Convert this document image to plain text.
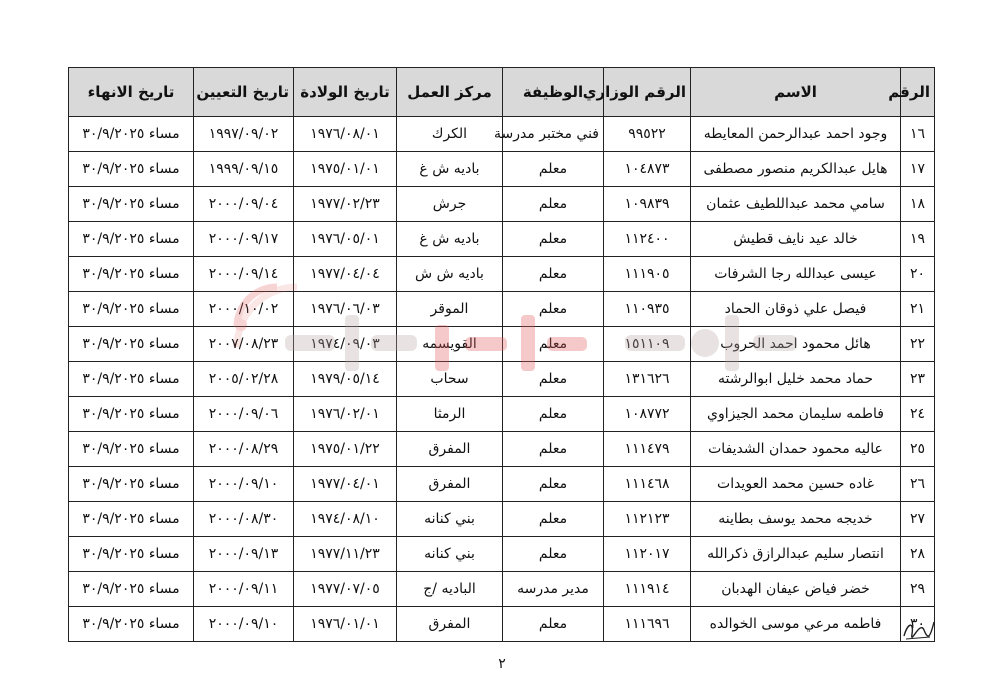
الرقم	الاسم	الرقم الوزاري	الوظيفة	مركز العمل	تاريخ الولادة	تاريخ التعيين	تاريخ الانهاء
١٦	وجود احمد عبدالرحمن المعايطه	٩٩٥٢٢	فني مختبر مدرسة	الكرك	١٩٧٦/٠٨/٠١	١٩٩٧/٠٩/٠٢	مساء ٣٠/٩/٢٠٢٥
١٧	هايل عبدالكريم منصور مصطفى	١٠٤٨٧٣	معلم	باديه ش غ	١٩٧٥/٠١/٠١	١٩٩٩/٠٩/١٥	مساء ٣٠/٩/٢٠٢٥
١٨	سامي محمد عبداللطيف عثمان	١٠٩٨٣٩	معلم	جرش	١٩٧٧/٠٢/٢٣	٢٠٠٠/٠٩/٠٤	مساء ٣٠/٩/٢٠٢٥
١٩	خالد عيد نايف قطيش	١١٢٤٠٠	معلم	باديه ش غ	١٩٧٦/٠٥/٠١	٢٠٠٠/٠٩/١٧	مساء ٣٠/٩/٢٠٢٥
٢٠	عيسى عبدالله رجا الشرفات	١١١٩٠٥	معلم	باديه ش ش	١٩٧٧/٠٤/٠٤	٢٠٠٠/٠٩/١٤	مساء ٣٠/٩/٢٠٢٥
٢١	فيصل علي ذوقان الحماد	١١٠٩٣٥	معلم	الموقر	١٩٧٦/٠٦/٠٣	٢٠٠٠/١٠/٠٢	مساء ٣٠/٩/٢٠٢٥
٢٢	هائل محمود احمد الحروب	١٥١١٠٩	معلم	القويسمه	١٩٧٤/٠٩/٠٣	٢٠٠٧/٠٨/٢٣	مساء ٣٠/٩/٢٠٢٥
٢٣	حماد محمد خليل ابوالرشته	١٣١٦٢٦	معلم	سحاب	١٩٧٩/٠٥/١٤	٢٠٠٥/٠٢/٢٨	مساء ٣٠/٩/٢٠٢٥
٢٤	فاطمه سليمان محمد الجيزاوي	١٠٨٧٧٢	معلم	الرمثا	١٩٧٦/٠٢/٠١	٢٠٠٠/٠٩/٠٦	مساء ٣٠/٩/٢٠٢٥
٢٥	عاليه محمود حمدان الشديفات	١١١٤٧٩	معلم	المفرق	١٩٧٥/٠١/٢٢	٢٠٠٠/٠٨/٢٩	مساء ٣٠/٩/٢٠٢٥
٢٦	غاده حسين محمد العويدات	١١١٤٦٨	معلم	المفرق	١٩٧٧/٠٤/٠١	٢٠٠٠/٠٩/١٠	مساء ٣٠/٩/٢٠٢٥
٢٧	خديجه محمد يوسف بطاينه	١١٢١٢٣	معلم	بني كنانه	١٩٧٤/٠٨/١٠	٢٠٠٠/٠٨/٣٠	مساء ٣٠/٩/٢٠٢٥
٢٨	انتصار سليم عبدالرازق ذكرالله	١١٢٠١٧	معلم	بني كنانه	١٩٧٧/١١/٢٣	٢٠٠٠/٠٩/١٣	مساء ٣٠/٩/٢٠٢٥
٢٩	خضر فياض عيفان الهدبان	١١١٩١٤	مدير مدرسه	الباديه /ج	١٩٧٧/٠٧/٠٥	٢٠٠٠/٠٩/١١	مساء ٣٠/٩/٢٠٢٥
٣٠	فاطمه مرعي موسى الخوالده	١١١٦٩٦	معلم	المفرق	١٩٧٦/٠١/٠١	٢٠٠٠/٠٩/١٠	مساء ٣٠/٩/٢٠٢٥
٢
